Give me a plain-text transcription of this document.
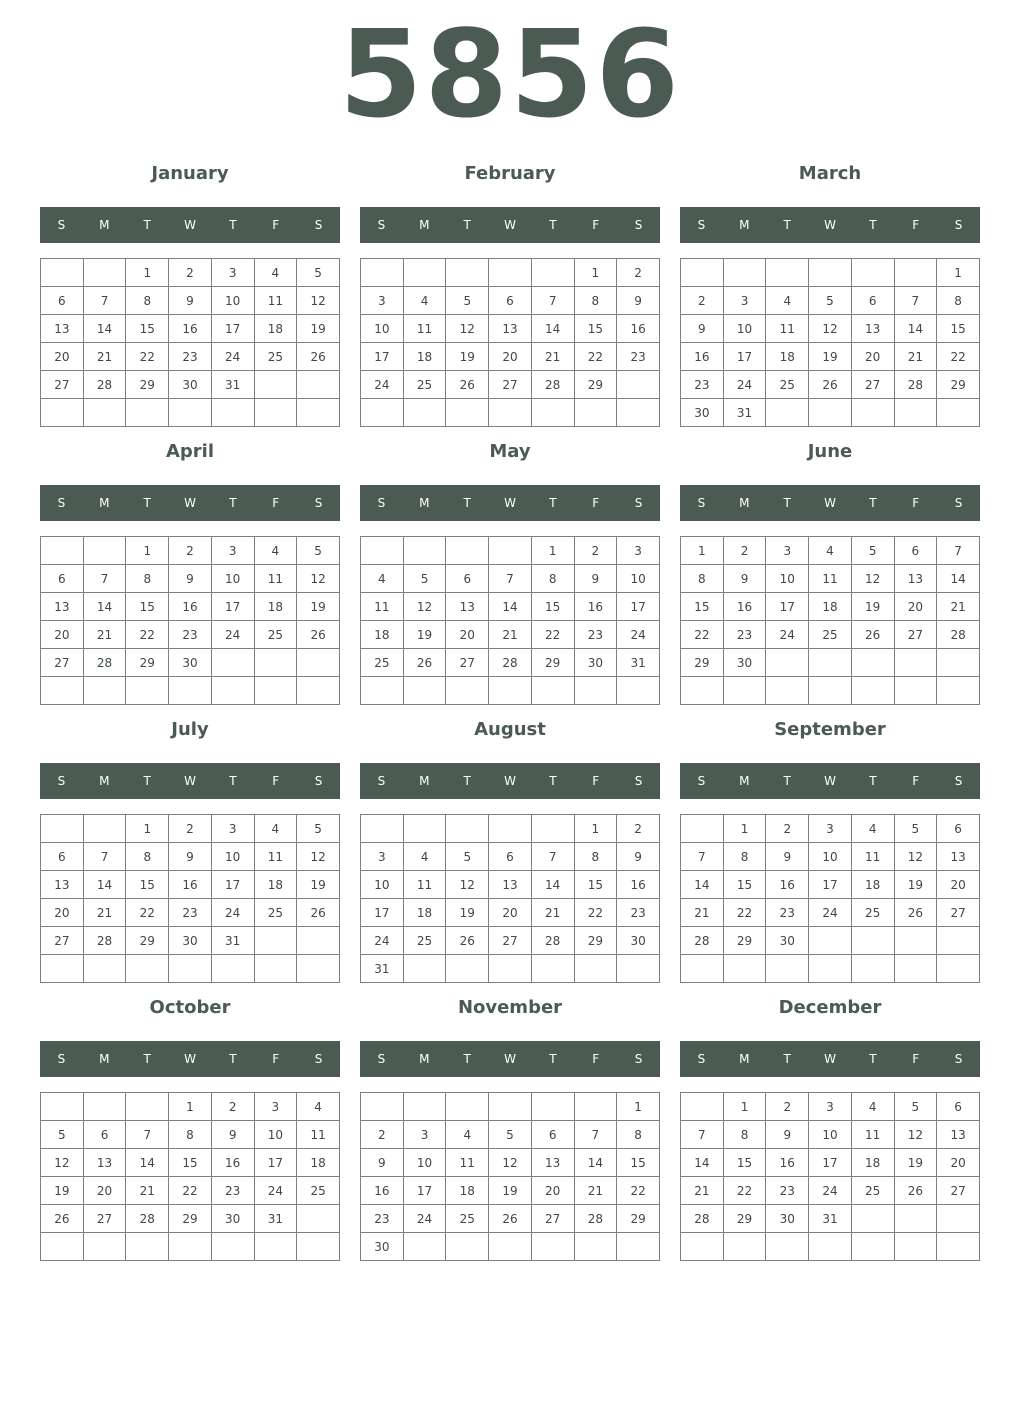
5856
January
S	M	T	W	T	F	S
		1	2	3	4	5
6	7	8	9	10	11	12
13	14	15	16	17	18	19
20	21	22	23	24	25	26
27	28	29	30	31		

February
S	M	T	W	T	F	S
					1	2
3	4	5	6	7	8	9
10	11	12	13	14	15	16
17	18	19	20	21	22	23
24	25	26	27	28	29	

March
S	M	T	W	T	F	S
						1
2	3	4	5	6	7	8
9	10	11	12	13	14	15
16	17	18	19	20	21	22
23	24	25	26	27	28	29
30	31					
April
S	M	T	W	T	F	S
		1	2	3	4	5
6	7	8	9	10	11	12
13	14	15	16	17	18	19
20	21	22	23	24	25	26
27	28	29	30			

May
S	M	T	W	T	F	S
				1	2	3
4	5	6	7	8	9	10
11	12	13	14	15	16	17
18	19	20	21	22	23	24
25	26	27	28	29	30	31

June
S	M	T	W	T	F	S
1	2	3	4	5	6	7
8	9	10	11	12	13	14
15	16	17	18	19	20	21
22	23	24	25	26	27	28
29	30					

July
S	M	T	W	T	F	S
		1	2	3	4	5
6	7	8	9	10	11	12
13	14	15	16	17	18	19
20	21	22	23	24	25	26
27	28	29	30	31		

August
S	M	T	W	T	F	S
					1	2
3	4	5	6	7	8	9
10	11	12	13	14	15	16
17	18	19	20	21	22	23
24	25	26	27	28	29	30
31						
September
S	M	T	W	T	F	S
	1	2	3	4	5	6
7	8	9	10	11	12	13
14	15	16	17	18	19	20
21	22	23	24	25	26	27
28	29	30				

October
S	M	T	W	T	F	S
			1	2	3	4
5	6	7	8	9	10	11
12	13	14	15	16	17	18
19	20	21	22	23	24	25
26	27	28	29	30	31	

November
S	M	T	W	T	F	S
						1
2	3	4	5	6	7	8
9	10	11	12	13	14	15
16	17	18	19	20	21	22
23	24	25	26	27	28	29
30						
December
S	M	T	W	T	F	S
	1	2	3	4	5	6
7	8	9	10	11	12	13
14	15	16	17	18	19	20
21	22	23	24	25	26	27
28	29	30	31			
